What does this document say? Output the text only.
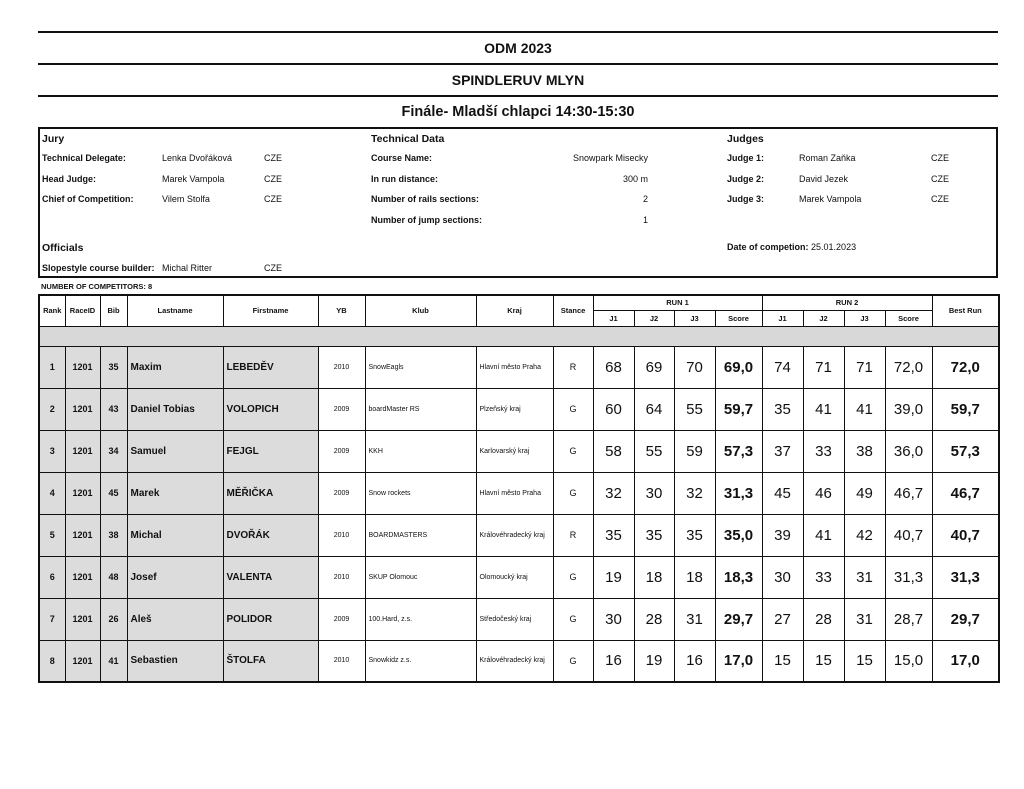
ODM 2023
SPINDLERUV MLYN
Finále- Mladší chlapci 14:30-15:30
Jury
Technical Delegate:	Lenka Dvořáková	CZE
Head Judge:	Marek Vampola	CZE
Chief of Competition:	Vilem Stolfa	CZE
Officials
Slopestyle course builder: Michal Ritter	CZE
Technical Data
Course Name:	Snowpark Misecky
In run distance:	300 m
Number of rails sections:	2
Number of jump sections:	1
Judges
Judge 1:	Roman Zaňka	CZE
Judge 2:	David Jezek	CZE
Judge 3:	Marek Vampola	CZE
Date of competion: 25.01.2023
NUMBER OF COMPETITORS: 8
Rank	RaceID	Bib	Lastname	Firstname	YB	Klub	Kraj	Stance	RUN 1				RUN 2				Best Run
									J1	J2	J3	Score	J1	J2	J3	Score	

1	1201	35	Maxim	LEBEDĚV	2010	SnowEagls	Hlavní město Praha	R	68	69	70	69,0	74	71	71	72,0	72,0
2	1201	43	Daniel Tobias	VOLOPICH	2009	boardMaster RS	Plzeňský kraj	G	60	64	55	59,7	35	41	41	39,0	59,7
3	1201	34	Samuel	FEJGL	2009	KKH	Karlovarský kraj	G	58	55	59	57,3	37	33	38	36,0	57,3
4	1201	45	Marek	MĚŘIČKA	2009	Snow rockets	Hlavní město Praha	G	32	30	32	31,3	45	46	49	46,7	46,7
5	1201	38	Michal	DVOŘÁK	2010	BOARDMASTERS	Královéhradecký kraj	R	35	35	35	35,0	39	41	42	40,7	40,7
6	1201	48	Josef	VALENTA	2010	SKUP Olomouc	Olomoucký kraj	G	19	18	18	18,3	30	33	31	31,3	31,3
7	1201	26	Aleš	POLIDOR	2009	100.Hard, z.s.	Středočeský kraj	G	30	28	31	29,7	27	28	31	28,7	29,7
8	1201	41	Sebastien	ŠTOLFA	2010	Snowkidz z.s.	Královéhradecký kraj	G	16	19	16	17,0	15	15	15	15,0	17,0
